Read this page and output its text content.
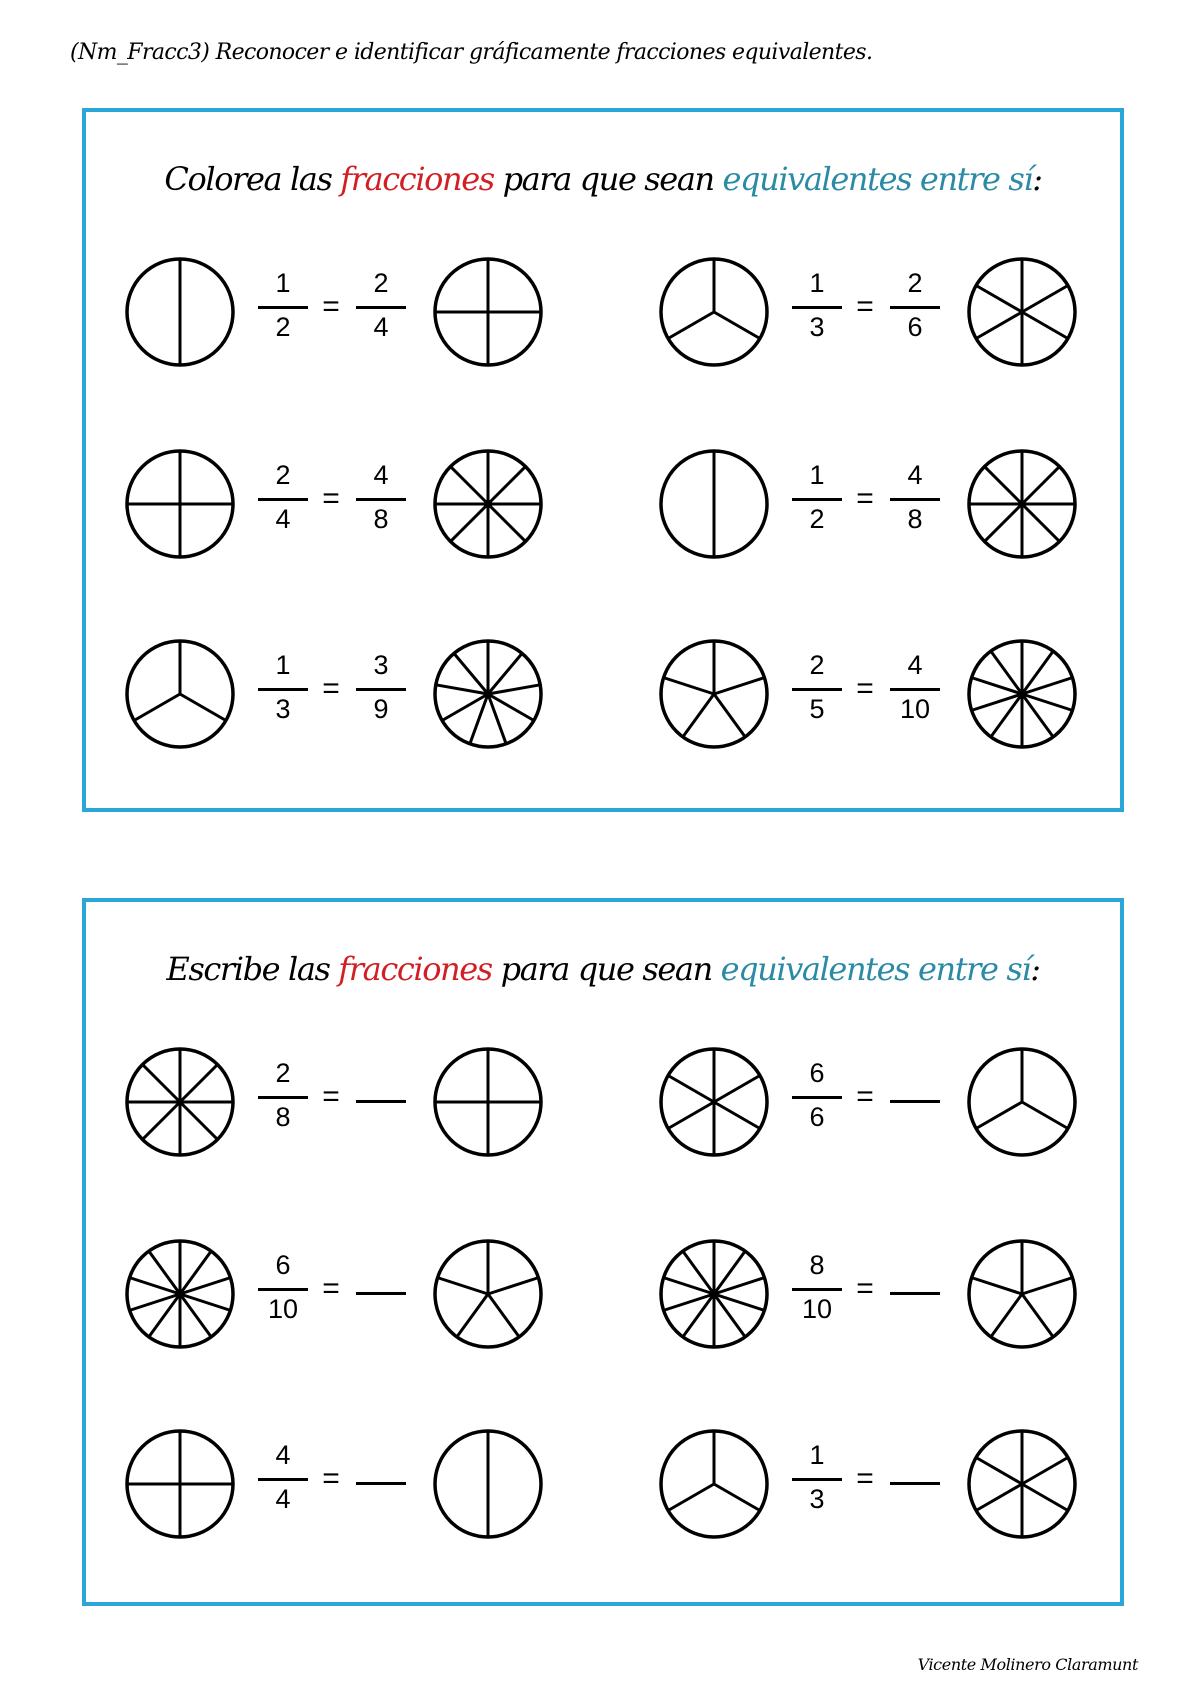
(Nm_Fracc3) Reconocer e identificar gráficamente fracciones equivalentes.
Colorea las fracciones para que sean equivalentes entre sí:
1
2
=
2
4
1
3
=
2
6
2
4
=
4
8
1
2
=
4
8
1
3
=
3
9
2
5
=
4
10
Escribe las fracciones para que sean equivalentes entre sí:
2
8
=
6
6
=
6
10
=
8
10
=
4
4
=
1
3
=
Vicente Molinero Claramunt
